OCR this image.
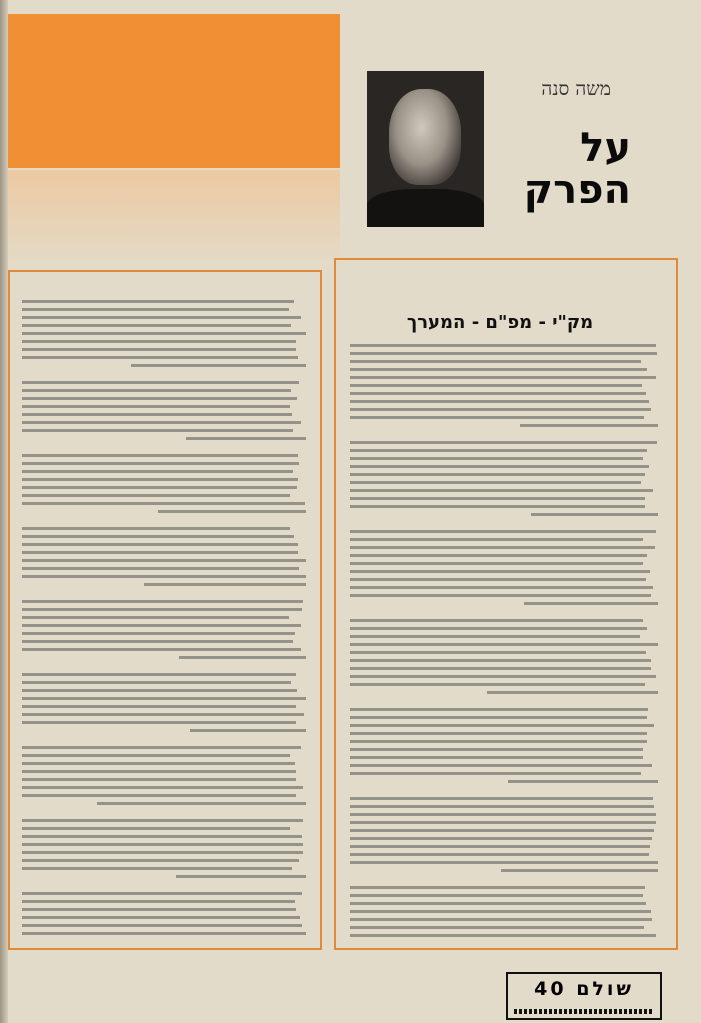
משה סנה
על הפרק
מק"י - מפ"ם - המערך
שולם 40
